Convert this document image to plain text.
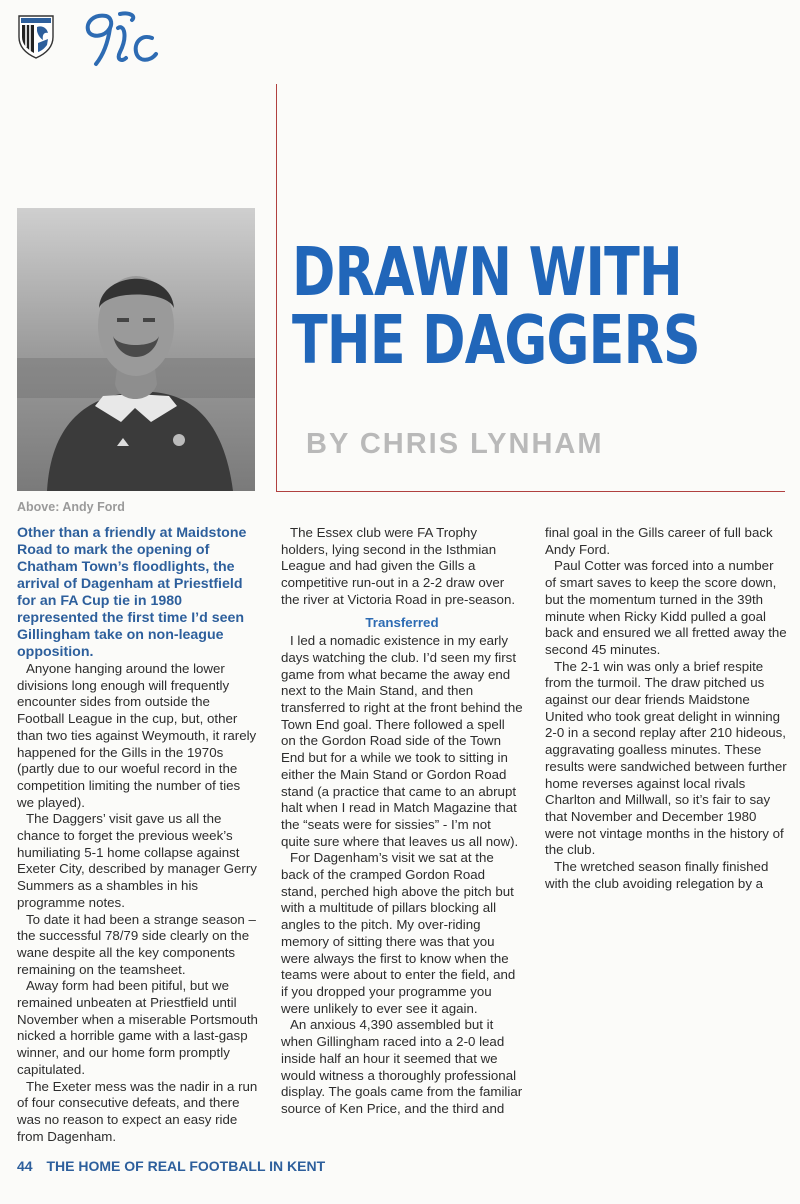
Above: Andy Ford

DRAWN WITH
THE DAGGERS

BY CHRIS LYNHAM

Other than a friendly at Maidstone Road to mark the opening of Chatham Town’s floodlights, the arrival of Dagenham at Priestfield for an FA Cup tie in 1980 represented the first time I’d seen Gillingham take on non-league opposition.

Anyone hanging around the lower divisions long enough will frequently encounter sides from outside the Football League in the cup, but, other than two ties against Weymouth, it rarely happened for the Gills in the 1970s (partly due to our woeful record in the competition limiting the number of ties we played).

The Daggers’ visit gave us all the chance to forget the previous week’s humiliating 5-1 home collapse against Exeter City, described by manager Gerry Summers as a shambles in his programme notes.

To date it had been a strange season – the successful 78/79 side clearly on the wane despite all the key components remaining on the teamsheet.

Away form had been pitiful, but we remained unbeaten at Priestfield until November when a miserable Portsmouth nicked a horrible game with a last-gasp winner, and our home form promptly capitulated.

The Exeter mess was the nadir in a run of four consecutive defeats, and there was no reason to expect an easy ride from Dagenham.

The Essex club were FA Trophy holders, lying second in the Isthmian League and had given the Gills a competitive run-out in a 2-2 draw over the river at Victoria Road in pre-season.

Transferred

I led a nomadic existence in my early days watching the club. I’d seen my first game from what became the away end next to the Main Stand, and then transferred to right at the front behind the Town End goal. There followed a spell on the Gordon Road side of the Town End but for a while we took to sitting in either the Main Stand or Gordon Road stand (a practice that came to an abrupt halt when I read in Match Magazine that the “seats were for sissies” - I’m not quite sure where that leaves us all now).

For Dagenham’s visit we sat at the back of the cramped Gordon Road stand, perched high above the pitch but with a multitude of pillars blocking all angles to the pitch. My over-riding memory of sitting there was that you were always the first to know when the teams were about to enter the field, and if you dropped your programme you were unlikely to ever see it again.

An anxious 4,390 assembled but it when Gillingham raced into a 2-0 lead inside half an hour it seemed that we would witness a thoroughly professional display. The goals came from the familiar source of Ken Price, and the third and final goal in the Gills career of full back Andy Ford.

Paul Cotter was forced into a number of smart saves to keep the score down, but the momentum turned in the 39th minute when Ricky Kidd pulled a goal back and ensured we all fretted away the second 45 minutes.

The 2-1 win was only a brief respite from the turmoil. The draw pitched us against our dear friends Maidstone United who took great delight in winning 2-0 in a second replay after 210 hideous, aggravating goalless minutes. These results were sandwiched between further home reverses against local rivals Charlton and Millwall, so it’s fair to say that November and December 1980 were not vintage months in the history of the club.

The wretched season finally finished with the club avoiding relegation by a

44 THE HOME OF REAL FOOTBALL IN KENT
